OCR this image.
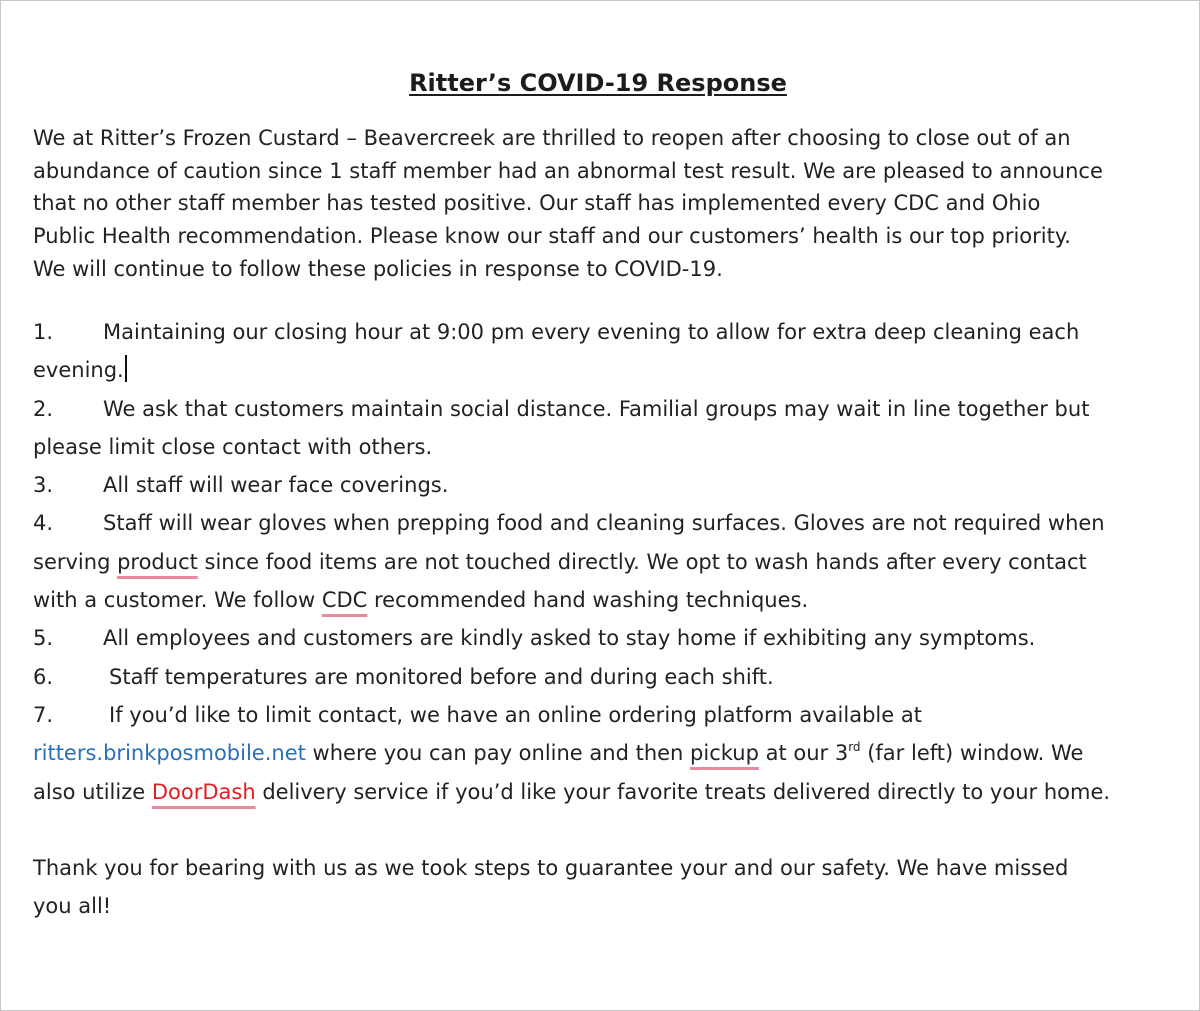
Ritter’s COVID-19 Response

We at Ritter’s Frozen Custard – Beavercreek are thrilled to reopen after choosing to close out of an
abundance of caution since 1 staff member had an abnormal test result. We are pleased to announce
that no other staff member has tested positive. Our staff has implemented every CDC and Ohio
Public Health recommendation. Please know our staff and our customers’ health is our top priority.
We will continue to follow these policies in response to COVID-19.

1. Maintaining our closing hour at 9:00 pm every evening to allow for extra deep cleaning each
evening.
2. We ask that customers maintain social distance. Familial groups may wait in line together but
please limit close contact with others.
3. All staff will wear face coverings.
4. Staff will wear gloves when prepping food and cleaning surfaces. Gloves are not required when
serving product since food items are not touched directly. We opt to wash hands after every contact
with a customer. We follow CDC recommended hand washing techniques.
5. All employees and customers are kindly asked to stay home if exhibiting any symptoms.
6.	Staff temperatures are monitored before and during each shift.
7.	If you’d like to limit contact, we have an online ordering platform available at
ritters.brinkposmobile.net where you can pay online and then pickup at our 3rd (far left) window. We
also utilize DoorDash delivery service if you’d like your favorite treats delivered directly to your home.

Thank you for bearing with us as we took steps to guarantee your and our safety. We have missed
you all!
